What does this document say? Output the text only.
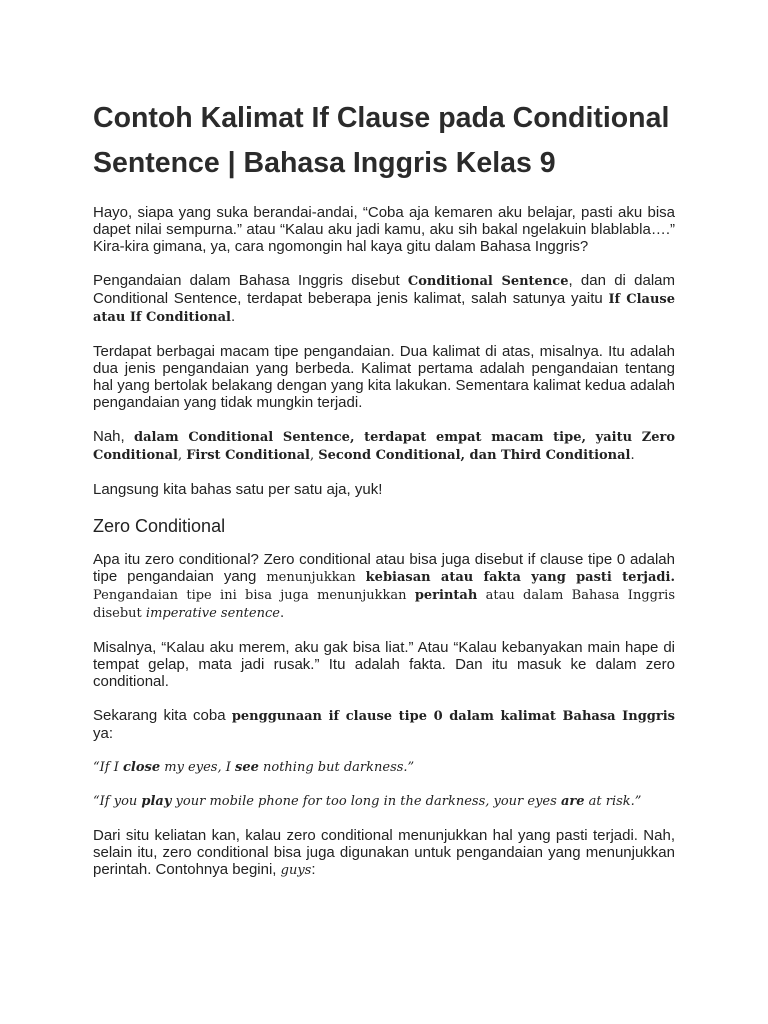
Contoh Kalimat If Clause pada Conditional Sentence | Bahasa Inggris Kelas 9

Hayo, siapa yang suka berandai-andai, “Coba aja kemaren aku belajar, pasti aku bisa dapet nilai sempurna.” atau “Kalau aku jadi kamu, aku sih bakal ngelakuin blablabla….” Kira-kira gimana, ya, cara ngomongin hal kaya gitu dalam Bahasa Inggris?

Pengandaian dalam Bahasa Inggris disebut Conditional Sentence, dan di dalam Conditional Sentence, terdapat beberapa jenis kalimat, salah satunya yaitu If Clause atau If Conditional.

Terdapat berbagai macam tipe pengandaian. Dua kalimat di atas, misalnya. Itu adalah dua jenis pengandaian yang berbeda. Kalimat pertama adalah pengandaian tentang hal yang bertolak belakang dengan yang kita lakukan. Sementara kalimat kedua adalah pengandaian yang tidak mungkin terjadi.

Nah, dalam Conditional Sentence, terdapat empat macam tipe, yaitu Zero Conditional, First Conditional, Second Conditional, dan Third Conditional.

Langsung kita bahas satu per satu aja, yuk!

Zero Conditional

Apa itu zero conditional? Zero conditional atau bisa juga disebut if clause tipe 0 adalah tipe pengandaian yang menunjukkan kebiasan atau fakta yang pasti terjadi. Pengandaian tipe ini bisa juga menunjukkan perintah atau dalam Bahasa Inggris disebut imperative sentence.

Misalnya, “Kalau aku merem, aku gak bisa liat.” Atau “Kalau kebanyakan main hape di tempat gelap, mata jadi rusak.” Itu adalah fakta. Dan itu masuk ke dalam zero conditional.

Sekarang kita coba penggunaan if clause tipe 0 dalam kalimat Bahasa Inggris ya:

“If I close my eyes, I see nothing but darkness.”

“If you play your mobile phone for too long in the darkness, your eyes are at risk.”

Dari situ keliatan kan, kalau zero conditional menunjukkan hal yang pasti terjadi. Nah, selain itu, zero conditional bisa juga digunakan untuk pengandaian yang menunjukkan perintah. Contohnya begini, guys:
